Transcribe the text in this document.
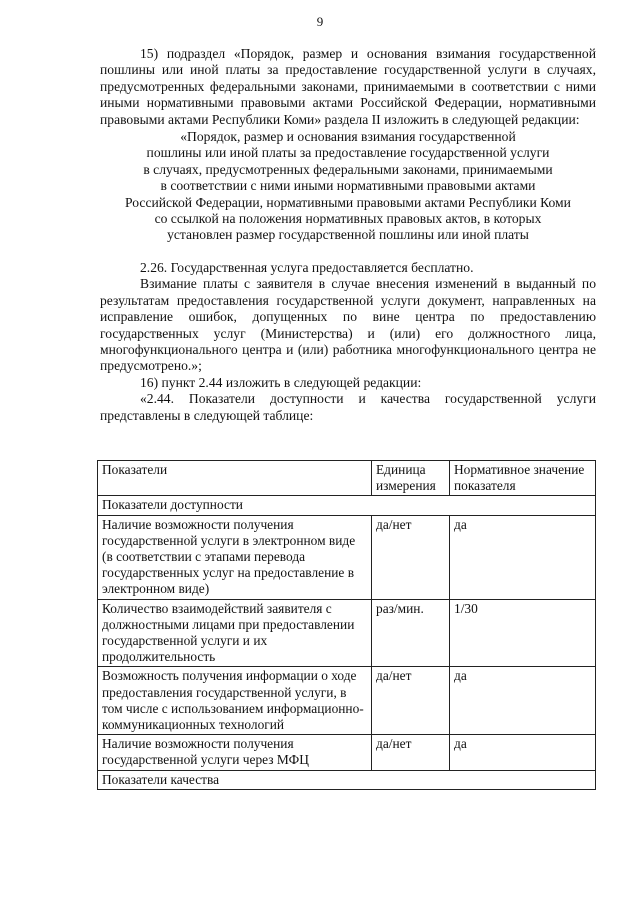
9

15) подраздел «Порядок, размер и основания взимания государственной пошлины или иной платы за предоставление государственной услуги в случаях, предусмотренных федеральными законами, принимаемыми в соответствии с ними иными нормативными правовыми актами Российской Федерации, нормативными правовыми актами Республики Коми» раздела II изложить в следующей редакции:

«Порядок, размер и основания взимания государственной
пошлины или иной платы за предоставление государственной услуги
в случаях, предусмотренных федеральными законами, принимаемыми
в соответствии с ними иными нормативными правовыми актами
Российской Федерации, нормативными правовыми актами Республики Коми
со ссылкой на положения нормативных правовых актов, в которых
установлен размер государственной пошлины или иной платы

2.26. Государственная услуга предоставляется бесплатно.

Взимание платы с заявителя в случае внесения изменений в выданный по результатам предоставления государственной услуги документ, направленных на исправление ошибок, допущенных по вине центра по предоставлению государственных услуг (Министерства) и (или) его должностного лица, многофункционального центра и (или) работника многофункционального центра не предусмотрено.»;

16) пункт 2.44 изложить в следующей редакции:

«2.44. Показатели доступности и качества государственной услуги представлены в следующей таблице:

Показатели	Единица измерения	Нормативное значение показателя
Показатели доступности		
Наличие возможности получения государственной услуги в электронном виде (в соответствии с этапами перевода государственных услуг на предоставление в электронном виде)	да/нет	да
Количество взаимодействий заявителя с должностными лицами при предоставлении государственной услуги и их продолжительность	раз/мин.	1/30
Возможность получения информации о ходе предоставления государственной услуги, в том числе с использованием информационно-коммуникационных технологий	да/нет	да
Наличие возможности получения государственной услуги через МФЦ	да/нет	да
Показатели качества		
